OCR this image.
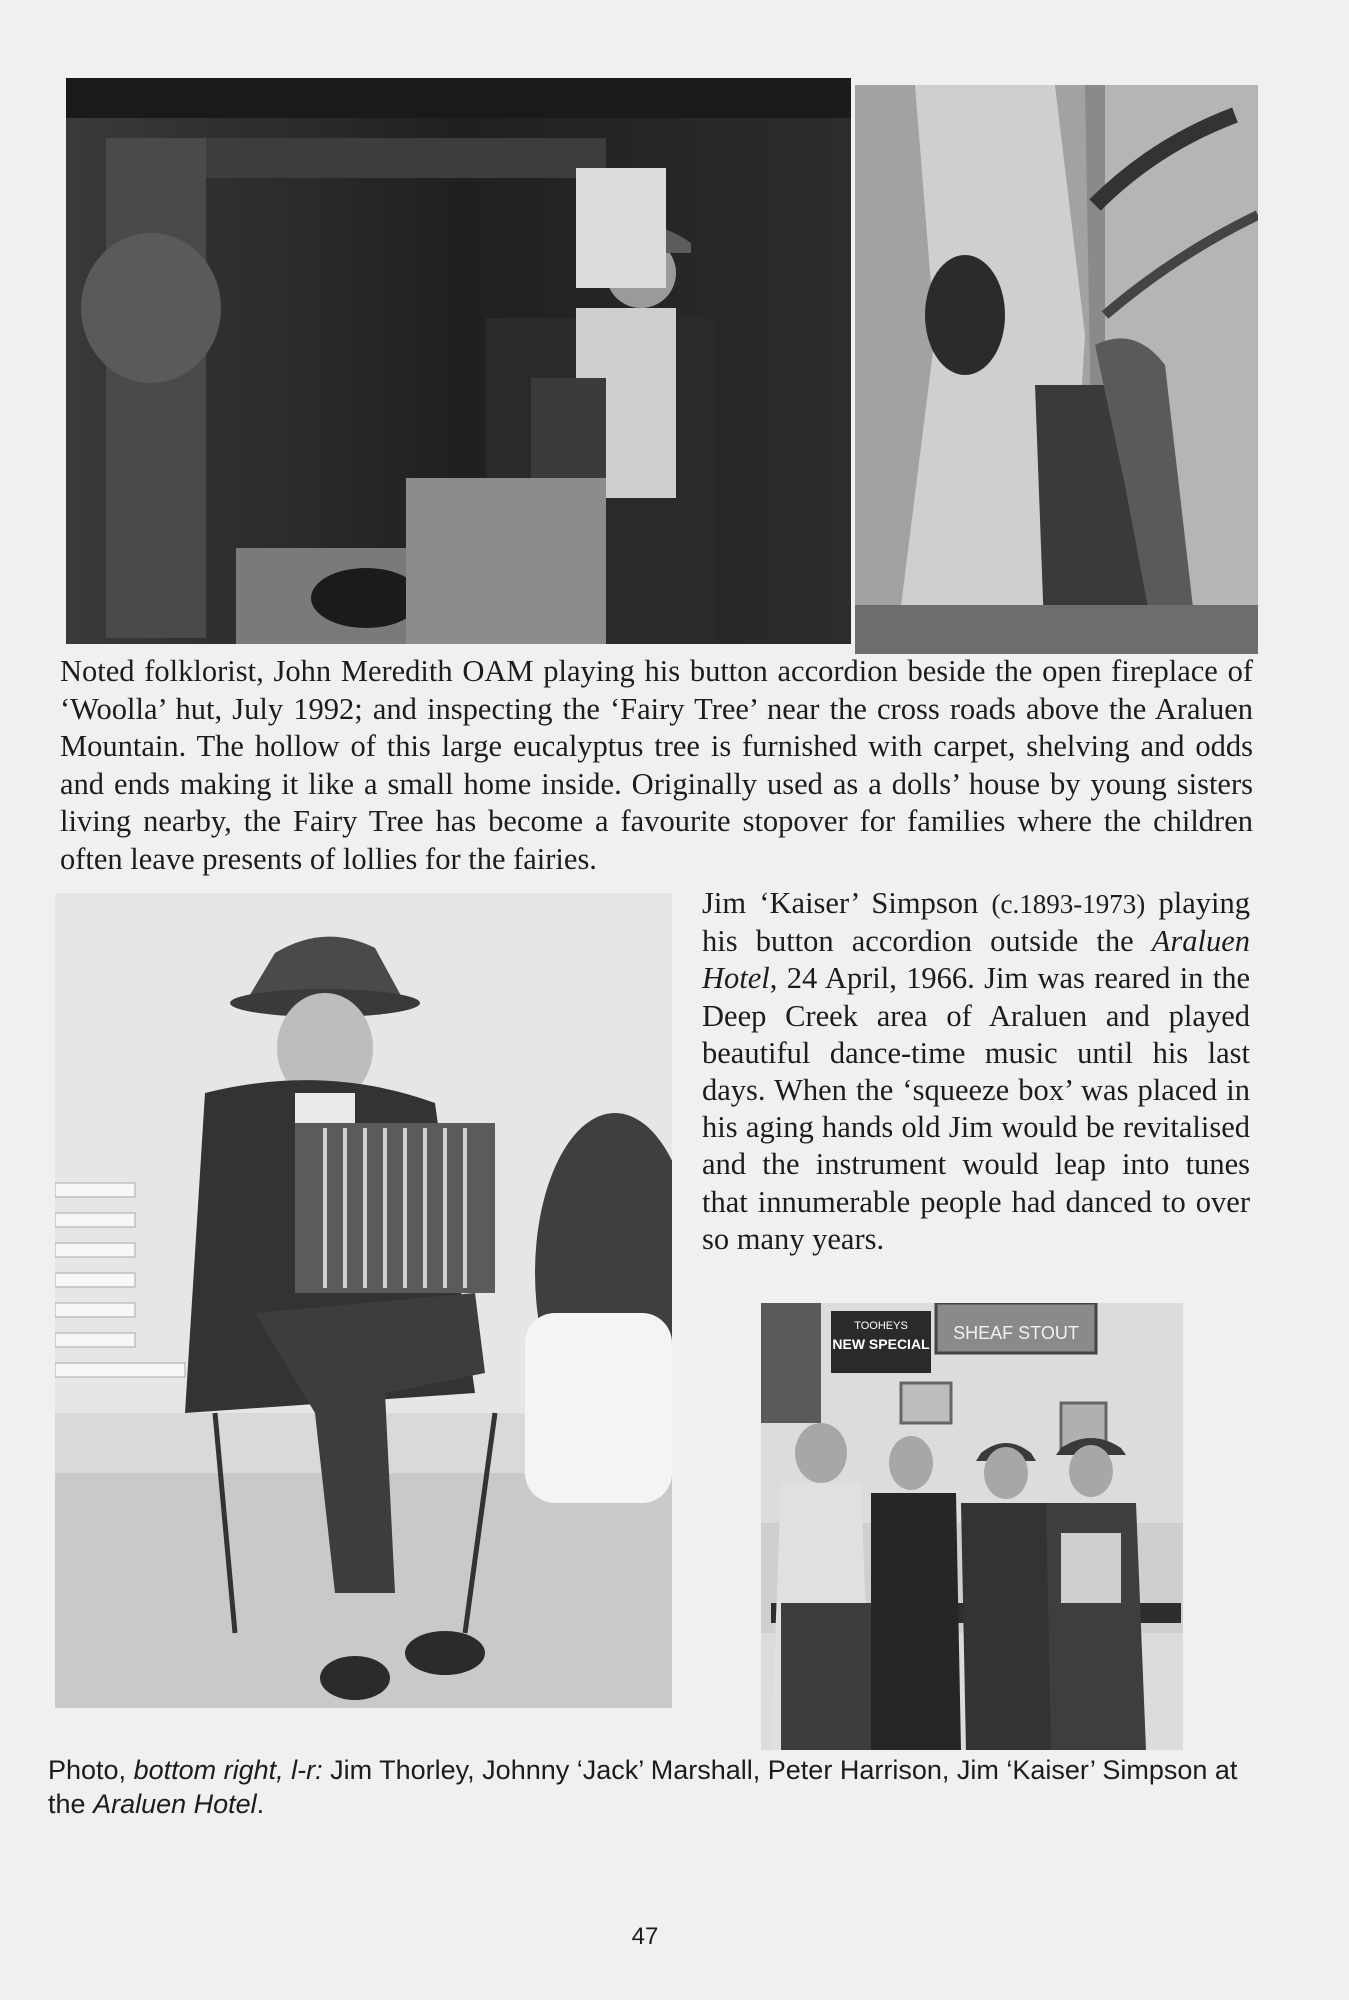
Noted folklorist, John Meredith OAM playing his button accordion beside the open fireplace of ‘Woolla’ hut, July 1992; and inspecting the ‘Fairy Tree’ near the cross roads above the Araluen Mountain. The hollow of this large eucalyptus tree is furnished with carpet, shelving and odds and ends making it like a small home inside. Originally used as a dolls’ house by young sisters living nearby, the Fairy Tree has become a favourite stopover for families where the children often leave presents of lollies for the fairies.

Jim ‘Kaiser’ Simpson (c.1893-1973) playing his button accordion outside the Araluen Hotel, 24 April, 1966. Jim was reared in the Deep Creek area of Araluen and played beautiful dance-time music until his last days. When the ‘squeeze box’ was placed in his aging hands old Jim would be revitalised and the instrument would leap into tunes that innumerable people had danced to over so many years.

TOOHEYS
NEW SPECIAL
SHEAF STOUT

Photo, bottom right, l-r: Jim Thorley, Johnny ‘Jack’ Marshall, Peter Harrison, Jim ‘Kaiser’ Simpson at the Araluen Hotel.

47
